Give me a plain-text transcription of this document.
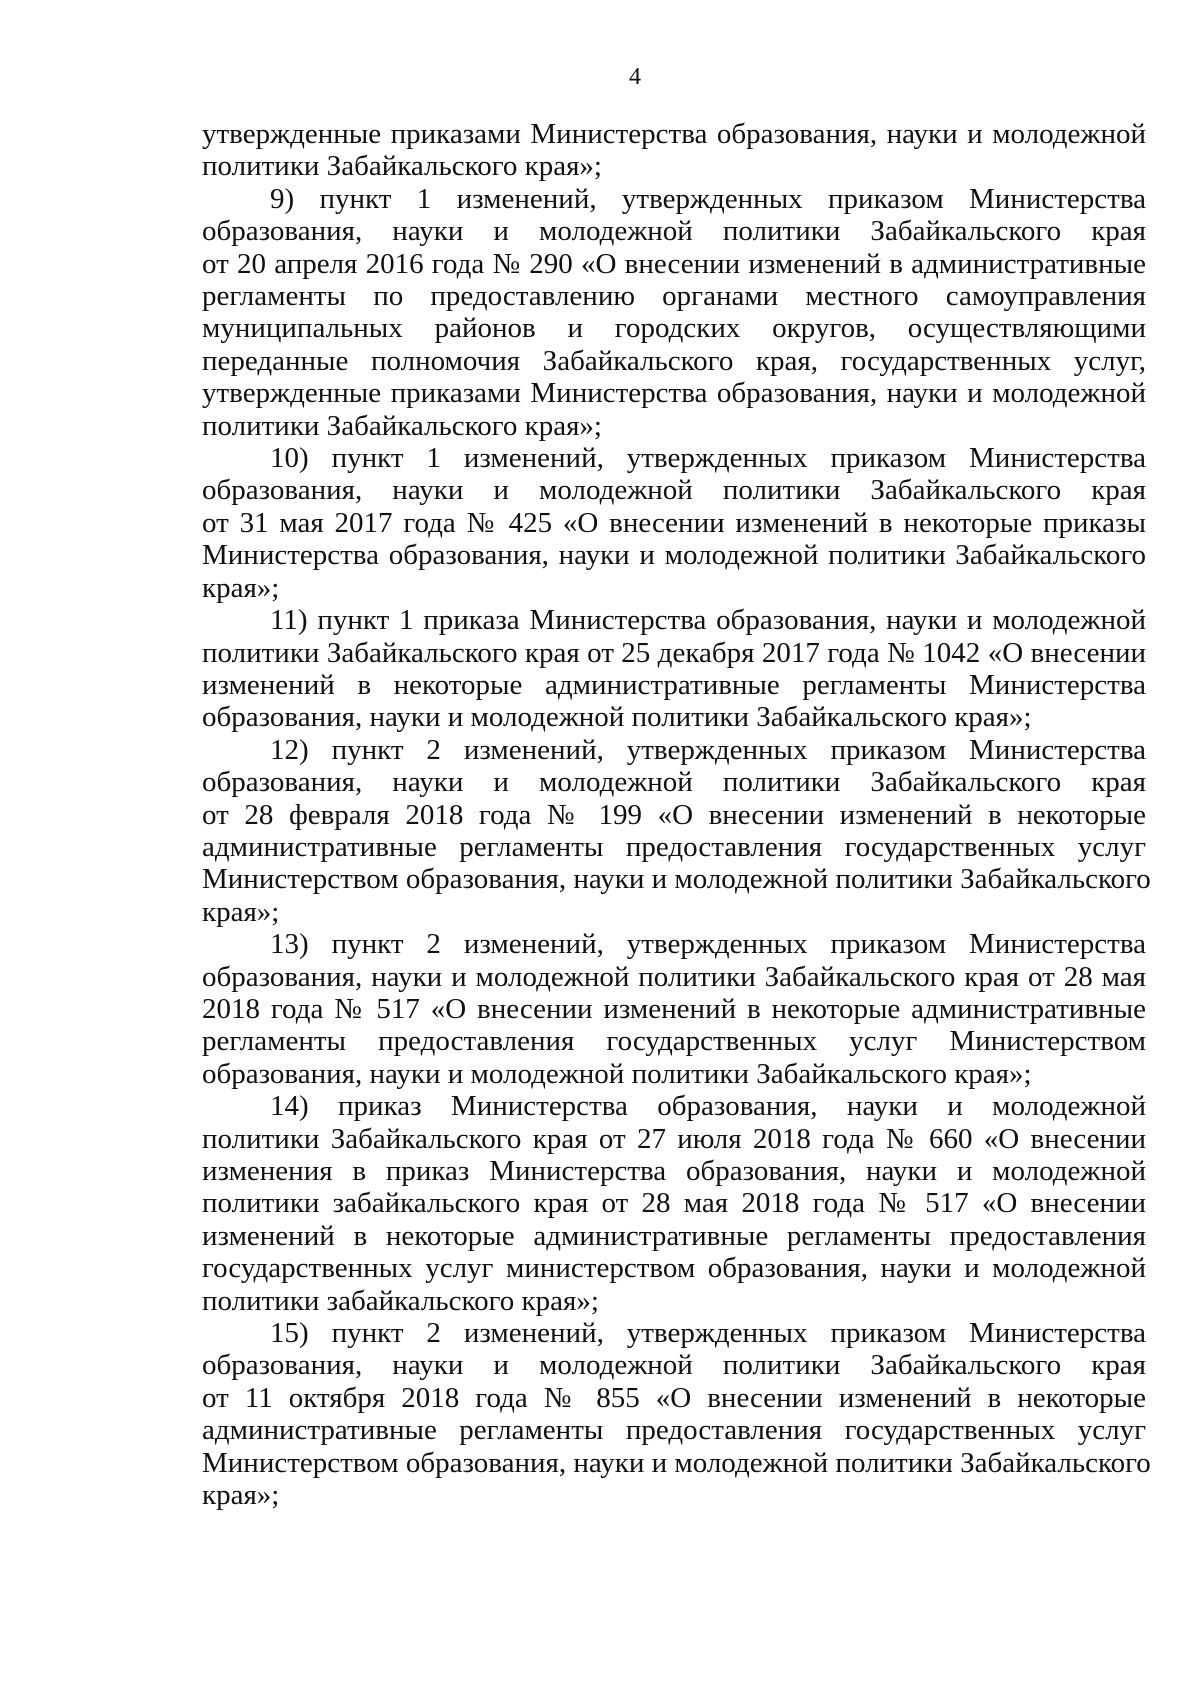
4
утвержденные приказами Министерства образования, науки и молодежной
политики Забайкальского края»;
9) пункт 1 изменений, утвержденных приказом Министерства
образования, науки и молодежной политики Забайкальского края
от 20 апреля 2016 года № 290 «О внесении изменений в административные
регламенты по предоставлению органами местного самоуправления
муниципальных районов и городских округов, осуществляющими
переданные полномочия Забайкальского края, государственных услуг,
утвержденные приказами Министерства образования, науки и молодежной
политики Забайкальского края»;
10) пункт 1 изменений, утвержденных приказом Министерства
образования, науки и молодежной политики Забайкальского края
от 31 мая 2017 года № 425 «О внесении изменений в некоторые приказы
Министерства образования, науки и молодежной политики Забайкальского
края»;
11) пункт 1 приказа Министерства образования, науки и молодежной
политики Забайкальского края от 25 декабря 2017 года № 1042 «О внесении
изменений в некоторые административные регламенты Министерства
образования, науки и молодежной политики Забайкальского края»;
12) пункт 2 изменений, утвержденных приказом Министерства
образования, науки и молодежной политики Забайкальского края
от 28 февраля 2018 года № 199 «О внесении изменений в некоторые
административные регламенты предоставления государственных услуг
Министерством образования, науки и молодежной политики Забайкальского
края»;
13) пункт 2 изменений, утвержденных приказом Министерства
образования, науки и молодежной политики Забайкальского края от 28 мая
2018 года № 517 «О внесении изменений в некоторые административные
регламенты предоставления государственных услуг Министерством
образования, науки и молодежной политики Забайкальского края»;
14) приказ Министерства образования, науки и молодежной
политики Забайкальского края от 27 июля 2018 года № 660 «О внесении
изменения в приказ Министерства образования, науки и молодежной
политики забайкальского края от 28 мая 2018 года № 517 «О внесении
изменений в некоторые административные регламенты предоставления
государственных услуг министерством образования, науки и молодежной
политики забайкальского края»;
15) пункт 2 изменений, утвержденных приказом Министерства
образования, науки и молодежной политики Забайкальского края
от 11 октября 2018 года № 855 «О внесении изменений в некоторые
административные регламенты предоставления государственных услуг
Министерством образования, науки и молодежной политики Забайкальского
края»;
